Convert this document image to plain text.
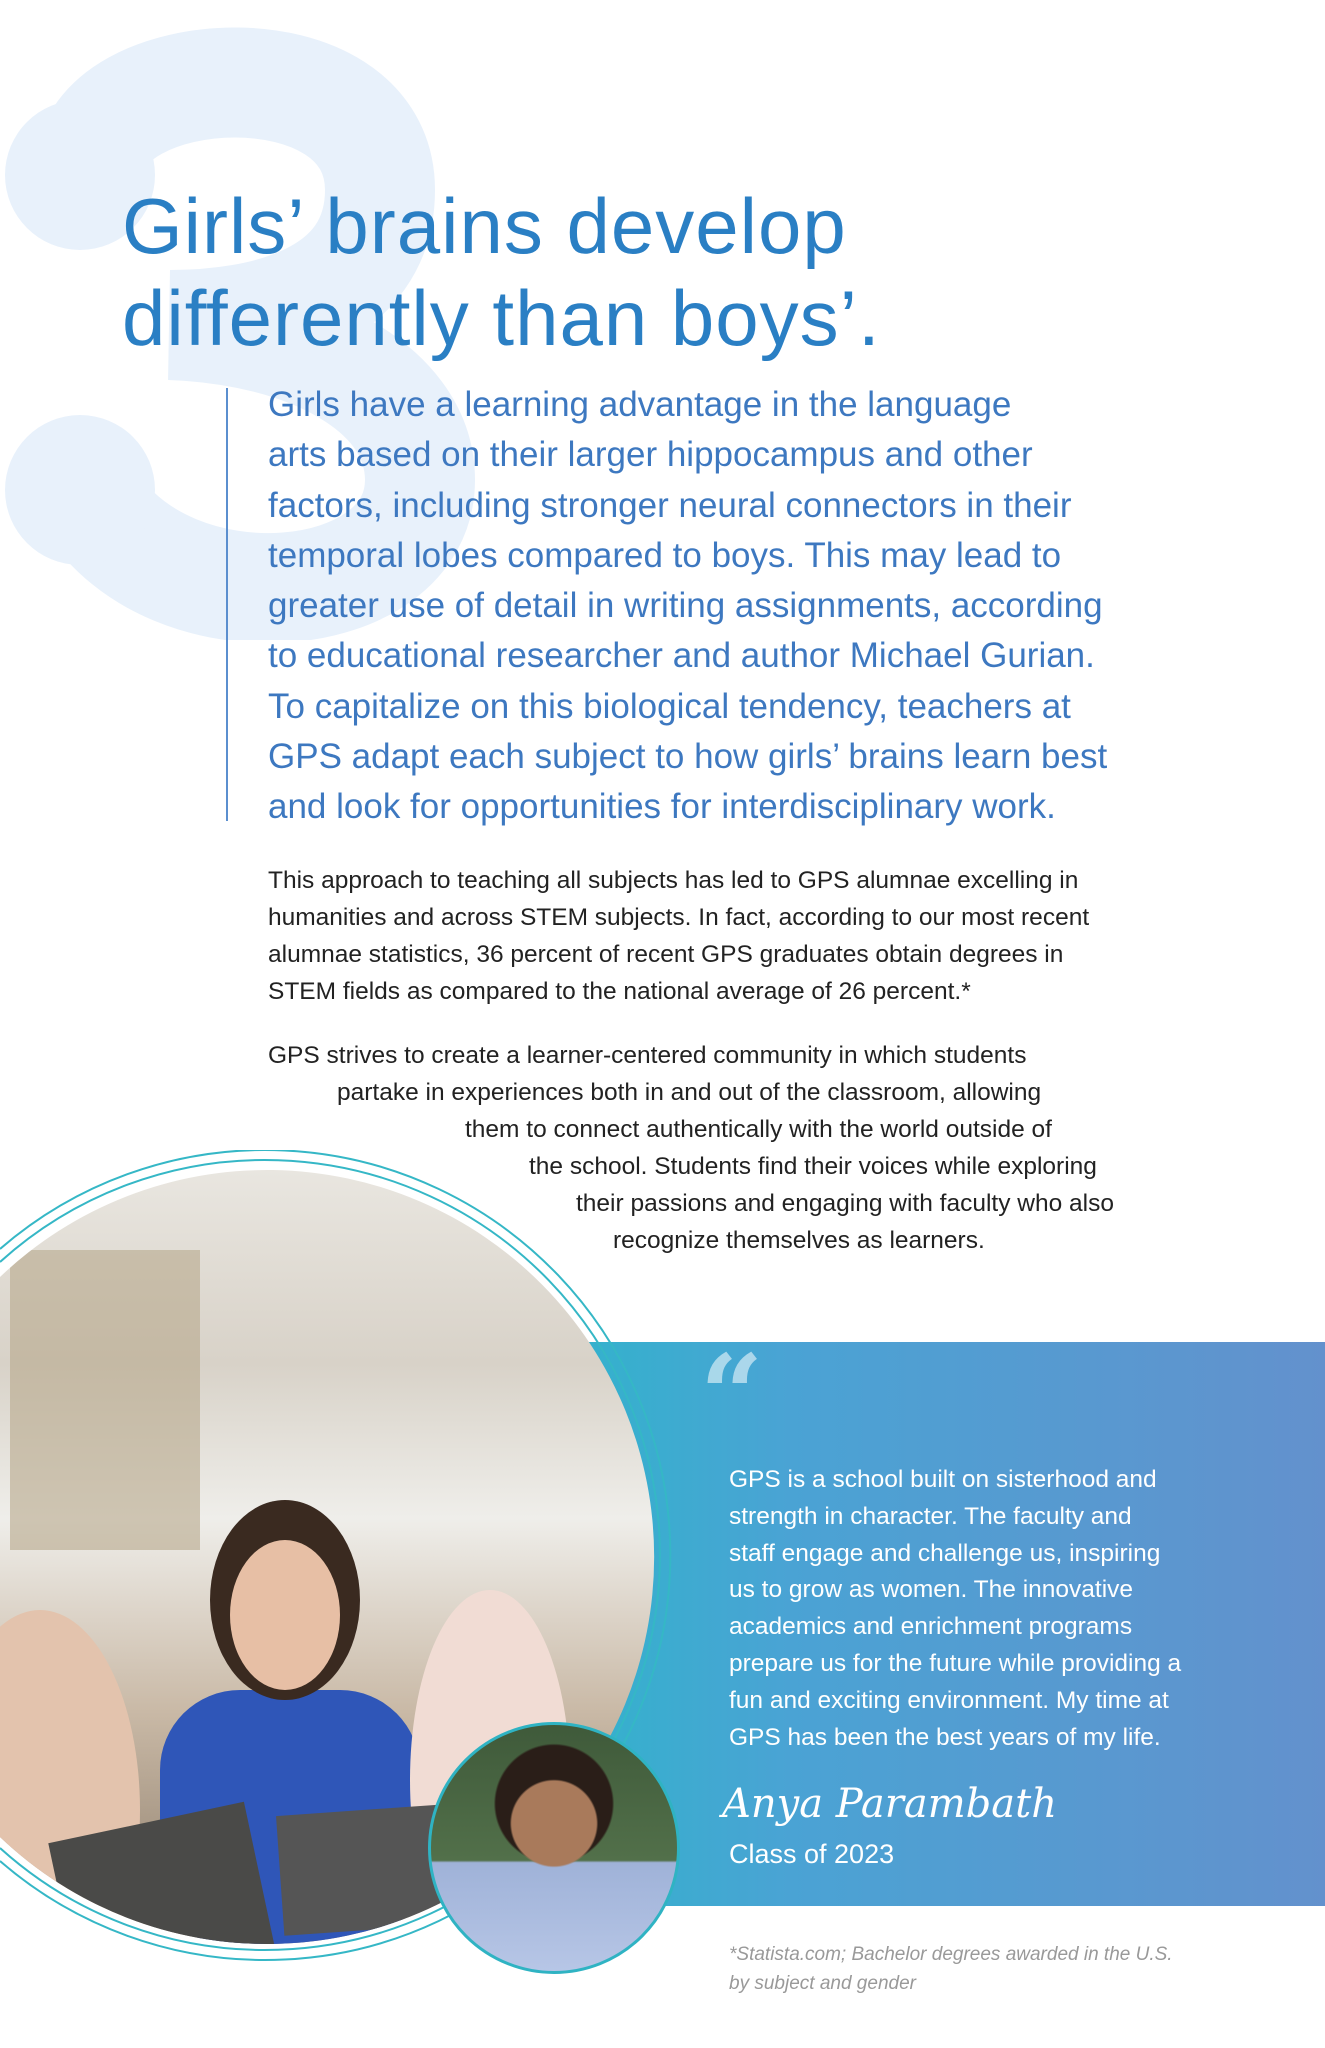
Girls’ brains develop
differently than boys’.
Girls have a learning advantage in the language
arts based on their larger hippocampus and other
factors, including stronger neural connectors in their
temporal lobes compared to boys. This may lead to
greater use of detail in writing assignments, according
to educational researcher and author Michael Gurian.
To capitalize on this biological tendency, teachers at
GPS adapt each subject to how girls’ brains learn best
and look for opportunities for interdisciplinary work.
This approach to teaching all subjects has led to GPS alumnae excelling in
humanities and across STEM subjects. In fact, according to our most recent
alumnae statistics, 36 percent of recent GPS graduates obtain degrees in
STEM fields as compared to the national average of 26 percent.*
GPS strives to create a learner-centered community in which students
partake in experiences both in and out of the classroom, allowing
them to connect authentically with the world outside of
the school. Students find their voices while exploring
their passions and engaging with faculty who also
recognize themselves as learners.
“
GPS is a school built on sisterhood and
strength in character. The faculty and
staff engage and challenge us, inspiring
us to grow as women. The innovative
academics and enrichment programs
prepare us for the future while providing a
fun and exciting environment. My time at
GPS has been the best years of my life.
Anya Parambath
Class of 2023
*Statista.com; Bachelor degrees awarded in the U.S.
by subject and gender
